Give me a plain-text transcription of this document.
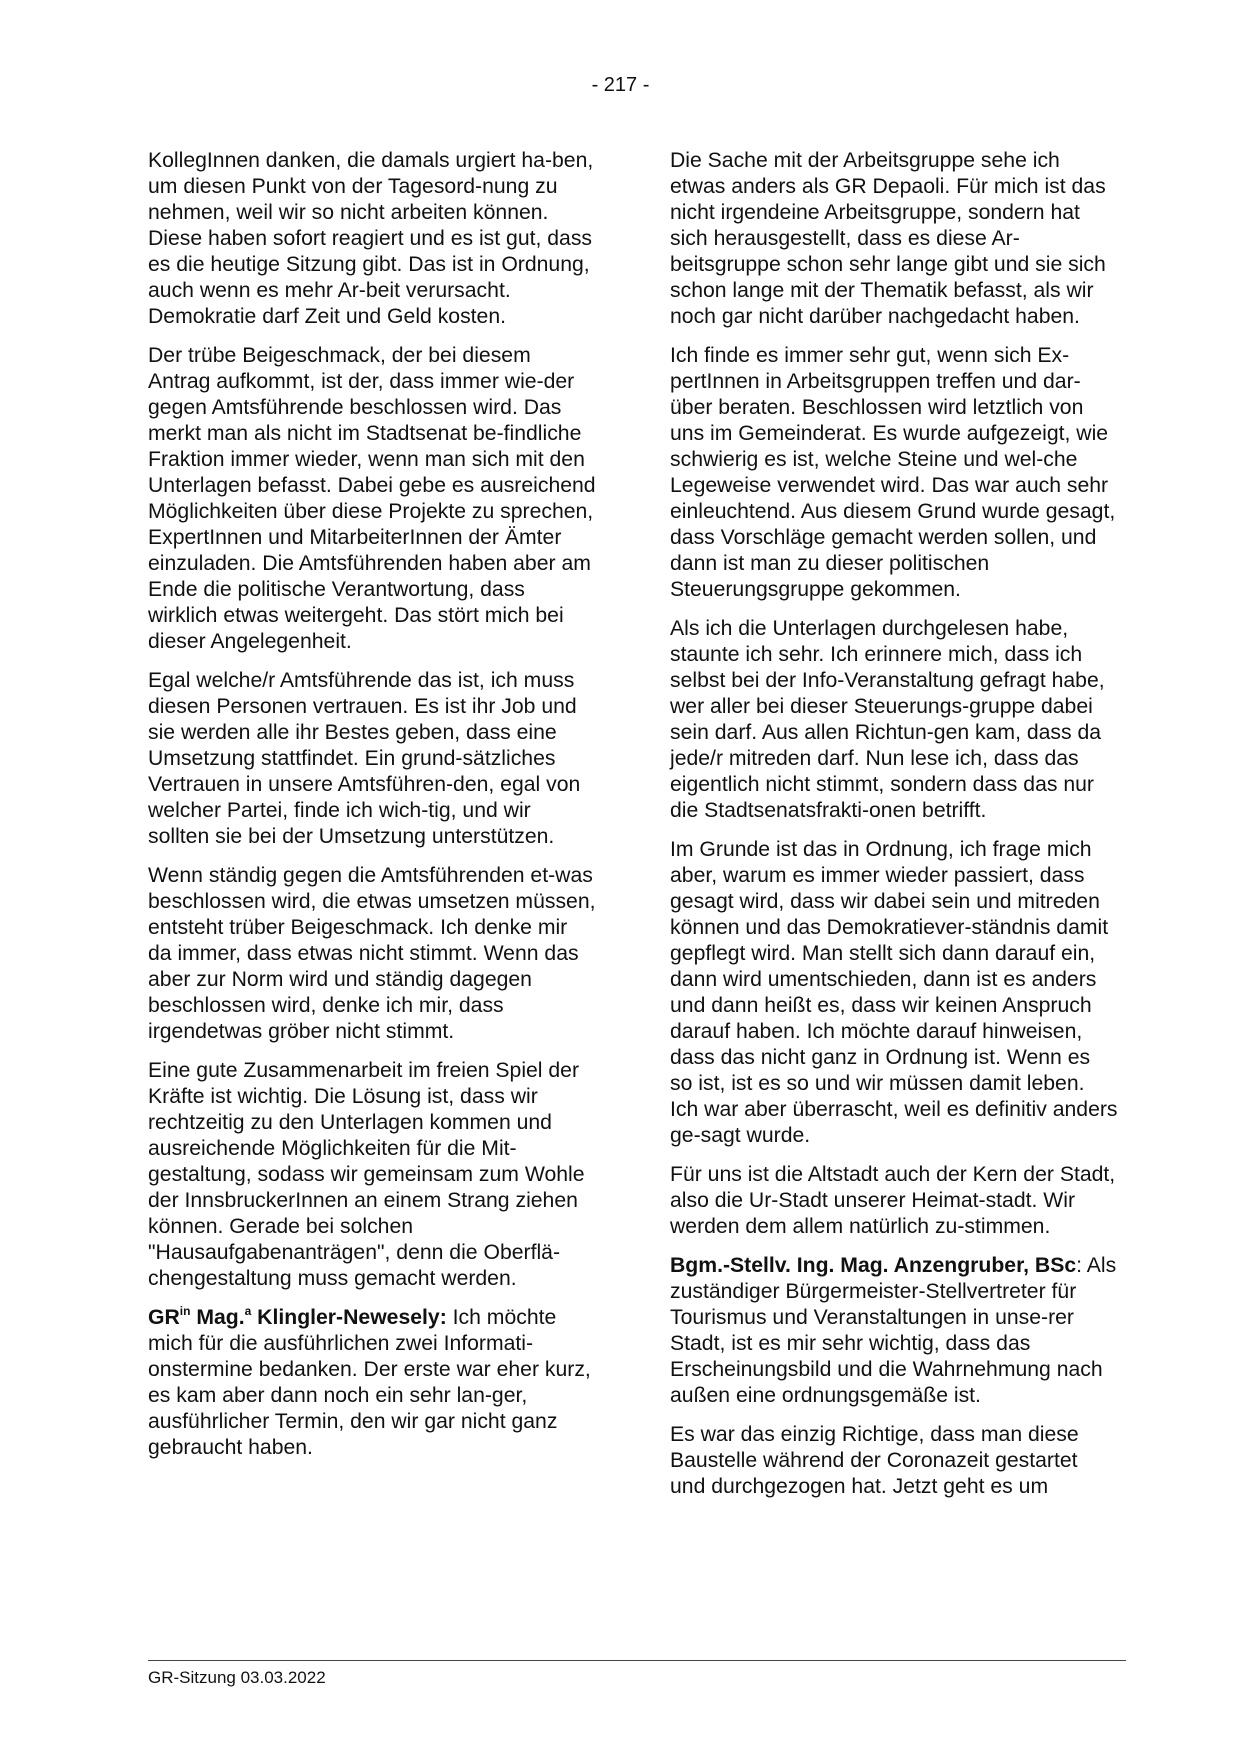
- 217 -

KollegInnen danken, die damals urgiert ha-ben, um diesen Punkt von der Tagesord-nung zu nehmen, weil wir so nicht arbeiten können. Diese haben sofort reagiert und es ist gut, dass es die heutige Sitzung gibt. Das ist in Ordnung, auch wenn es mehr Ar-beit verursacht. Demokratie darf Zeit und Geld kosten.

Der trübe Beigeschmack, der bei diesem Antrag aufkommt, ist der, dass immer wie-der gegen Amtsführende beschlossen wird. Das merkt man als nicht im Stadtsenat be-findliche Fraktion immer wieder, wenn man sich mit den Unterlagen befasst. Dabei gebe es ausreichend Möglichkeiten über diese Projekte zu sprechen, ExpertInnen und MitarbeiterInnen der Ämter einzuladen. Die Amtsführenden haben aber am Ende die politische Verantwortung, dass wirklich etwas weitergeht. Das stört mich bei dieser Angelegenheit.

Egal welche/r Amtsführende das ist, ich muss diesen Personen vertrauen. Es ist ihr Job und sie werden alle ihr Bestes geben, dass eine Umsetzung stattfindet. Ein grund-sätzliches Vertrauen in unsere Amtsführen-den, egal von welcher Partei, finde ich wich-tig, und wir sollten sie bei der Umsetzung unterstützen.

Wenn ständig gegen die Amtsführenden et-was beschlossen wird, die etwas umsetzen müssen, entsteht trüber Beigeschmack. Ich denke mir da immer, dass etwas nicht stimmt. Wenn das aber zur Norm wird und ständig dagegen beschlossen wird, denke ich mir, dass irgendetwas gröber nicht stimmt.

Eine gute Zusammenarbeit im freien Spiel der Kräfte ist wichtig. Die Lösung ist, dass wir rechtzeitig zu den Unterlagen kommen und ausreichende Möglichkeiten für die Mit-gestaltung, sodass wir gemeinsam zum Wohle der InnsbruckerInnen an einem Strang ziehen können. Gerade bei solchen "Hausaufgabenanträgen", denn die Oberflä-chengestaltung muss gemacht werden.

$GR^{in}$ Mag.$^a$ Klingler-Newesely: Ich möchte mich für die ausführlichen zwei Informati-onstermine bedanken. Der erste war eher kurz, es kam aber dann noch ein sehr lan-ger, ausführlicher Termin, den wir gar nicht ganz gebraucht haben.

Die Sache mit der Arbeitsgruppe sehe ich etwas anders als GR Depaoli. Für mich ist das nicht irgendeine Arbeitsgruppe, sondern hat sich herausgestellt, dass es diese Ar-beitsgruppe schon sehr lange gibt und sie sich schon lange mit der Thematik befasst, als wir noch gar nicht darüber nachgedacht haben.

Ich finde es immer sehr gut, wenn sich Ex-pertInnen in Arbeitsgruppen treffen und dar-über beraten. Beschlossen wird letztlich von uns im Gemeinderat. Es wurde aufgezeigt, wie schwierig es ist, welche Steine und wel-che Legeweise verwendet wird. Das war auch sehr einleuchtend. Aus diesem Grund wurde gesagt, dass Vorschläge gemacht werden sollen, und dann ist man zu dieser politischen Steuerungsgruppe gekommen.

Als ich die Unterlagen durchgelesen habe, staunte ich sehr. Ich erinnere mich, dass ich selbst bei der Info-Veranstaltung gefragt habe, wer aller bei dieser Steuerungs-gruppe dabei sein darf. Aus allen Richtun-gen kam, dass da jede/r mitreden darf. Nun lese ich, dass das eigentlich nicht stimmt, sondern dass das nur die Stadtsenatsfrakti-onen betrifft.

Im Grunde ist das in Ordnung, ich frage mich aber, warum es immer wieder passiert, dass gesagt wird, dass wir dabei sein und mitreden können und das Demokratiever-ständnis damit gepflegt wird. Man stellt sich dann darauf ein, dann wird umentschieden, dann ist es anders und dann heißt es, dass wir keinen Anspruch darauf haben. Ich möchte darauf hinweisen, dass das nicht ganz in Ordnung ist. Wenn es so ist, ist es so und wir müssen damit leben. Ich war aber überrascht, weil es definitiv anders ge-sagt wurde.

Für uns ist die Altstadt auch der Kern der Stadt, also die Ur-Stadt unserer Heimat-stadt. Wir werden dem allem natürlich zu-stimmen.

Bgm.-Stellv. Ing. Mag. Anzengruber, BSc: Als zuständiger Bürgermeister-Stellvertreter für Tourismus und Veranstaltungen in unse-rer Stadt, ist es mir sehr wichtig, dass das Erscheinungsbild und die Wahrnehmung nach außen eine ordnungsgemäße ist.

Es war das einzig Richtige, dass man diese Baustelle während der Coronazeit gestartet und durchgezogen hat. Jetzt geht es um

GR-Sitzung 03.03.2022
